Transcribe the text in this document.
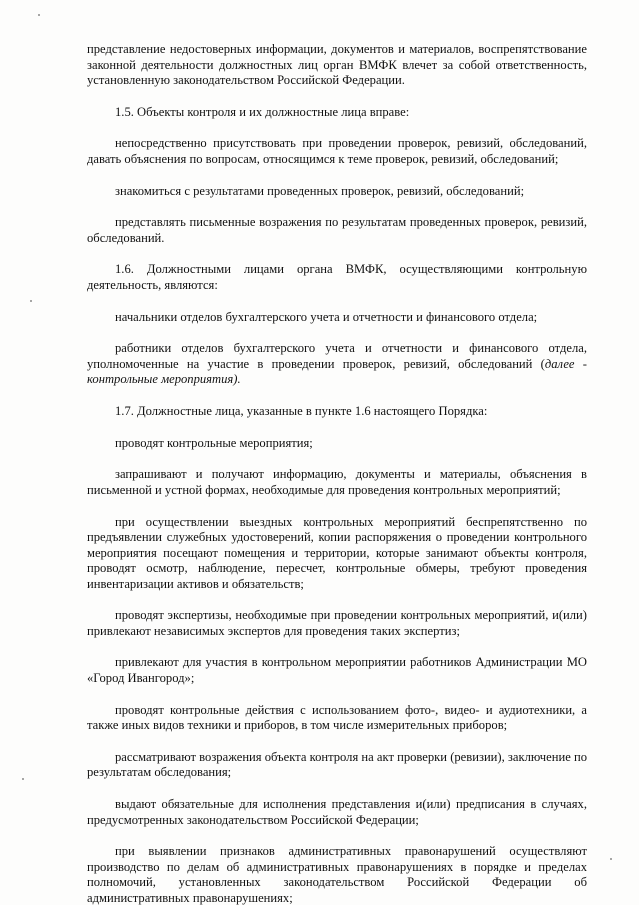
представление недостоверных информации, документов и материалов, воспрепятствование законной деятельности должностных лиц орган ВМФК влечет за собой ответственность, установленную законодательством Российской Федерации.

1.5. Объекты контроля и их должностные лица вправе:

непосредственно присутствовать при проведении проверок, ревизий, обследований, давать объяснения по вопросам, относящимся к теме проверок, ревизий, обследований;

знакомиться с результатами проведенных проверок, ревизий, обследований;

представлять письменные возражения по результатам проведенных проверок, ревизий, обследований.

1.6. Должностными лицами органа ВМФК, осуществляющими контрольную деятельность, являются:

начальники отделов бухгалтерского учета и отчетности и финансового отдела;

работники отделов бухгалтерского учета и отчетности и финансового отдела, уполномоченные на участие в проведении проверок, ревизий, обследований (далее - контрольные мероприятия).

1.7. Должностные лица, указанные в пункте 1.6 настоящего Порядка:

проводят контрольные мероприятия;

запрашивают и получают информацию, документы и материалы, объяснения в письменной и устной формах, необходимые для проведения контрольных мероприятий;

при осуществлении выездных контрольных мероприятий беспрепятственно по предъявлении служебных удостоверений, копии распоряжения о проведении контрольного мероприятия посещают помещения и территории, которые занимают объекты контроля, проводят осмотр, наблюдение, пересчет, контрольные обмеры, требуют проведения инвентаризации активов и обязательств;

проводят экспертизы, необходимые при проведении контрольных мероприятий, и(или) привлекают независимых экспертов для проведения таких экспертиз;

привлекают для участия в контрольном мероприятии работников Администрации МО «Город Ивангород»;

проводят контрольные действия с использованием фото-, видео- и аудиотехники, а также иных видов техники и приборов, в том числе измерительных приборов;

рассматривают возражения объекта контроля на акт проверки (ревизии), заключение по результатам обследования;

выдают обязательные для исполнения представления и(или) предписания в случаях, предусмотренных законодательством Российской Федерации;

при выявлении признаков административных правонарушений осуществляют производство по делам об административных правонарушениях в порядке и пределах полномочий, установленных законодательством Российской Федерации об административных правонарушениях;
